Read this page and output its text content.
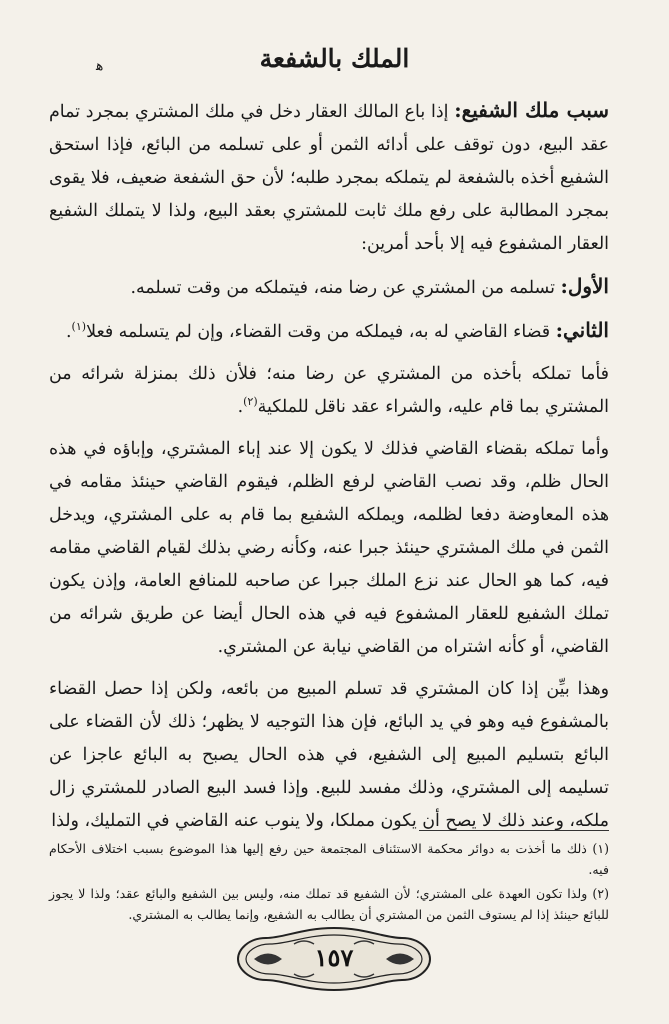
الملك بالشفعة
ﮬ

سبب ملك الشفيع: إذا باع المالك العقار دخل في ملك المشتري بمجرد تمام عقد البيع، دون توقف على أدائه الثمن أو على تسلمه من البائع، فإذا استحق الشفيع أخذه بالشفعة لم يتملكه بمجرد طلبه؛ لأن حق الشفعة ضعيف، فلا يقوى بمجرد المطالبة على رفع ملك ثابت للمشتري بعقد البيع، ولذا لا يتملك الشفيع العقار المشفوع فيه إلا بأحد أمرين:

الأول: تسلمه من المشتري عن رضا منه، فيتملكه من وقت تسلمه.

الثاني: قضاء القاضي له به، فيملكه من وقت القضاء، وإن لم يتسلمه فعلا$^{(١)}$.

فأما تملكه بأخذه من المشتري عن رضا منه؛ فلأن ذلك بمنزلة شرائه من المشتري بما قام عليه، والشراء عقد ناقل للملكية$^{(٢)}$.

وأما تملكه بقضاء القاضي فذلك لا يكون إلا عند إباء المشتري، وإباؤه في هذه الحال ظلم، وقد نصب القاضي لرفع الظلم، فيقوم القاضي حينئذ مقامه في هذه المعاوضة دفعا لظلمه، ويملكه الشفيع بما قام به على المشتري، ويدخل الثمن في ملك المشتري حينئذ جبرا عنه، وكأنه رضي بذلك لقيام القاضي مقامه فيه، كما هو الحال عند نزع الملك جبرا عن صاحبه للمنافع العامة، وإذن يكون تملك الشفيع للعقار المشفوع فيه في هذه الحال أيضا عن طريق شرائه من القاضي، أو كأنه اشتراه من القاضي نيابة عن المشتري.

وهذا بيِّن إذا كان المشتري قد تسلم المبيع من بائعه، ولكن إذا حصل القضاء بالمشفوع فيه وهو في يد البائع، فإن هذا التوجيه لا يظهر؛ ذلك لأن القضاء على البائع بتسليم المبيع إلى الشفيع، في هذه الحال يصبح به البائع عاجزا عن تسليمه إلى المشتري، وذلك مفسد للبيع. وإذا فسد البيع الصادر للمشتري زال ملكه، وعند ذلك لا يصح أن يكون مملكا، ولا ينوب عنه القاضي في التمليك، ولذا

(١) ذلك ما أخذت به دوائر محكمة الاستئناف المجتمعة حين رفع إليها هذا الموضوع بسبب اختلاف الأحكام فيه.

(٢) ولذا تكون العهدة على المشتري؛ لأن الشفيع قد تملك منه، وليس بين الشفيع والبائع عقد؛ ولذا لا يجوز للبائع حينئذ إذا لم يستوف الثمن من المشتري أن يطالب به الشفيع، وإنما يطالب به المشتري.

١٥٧
